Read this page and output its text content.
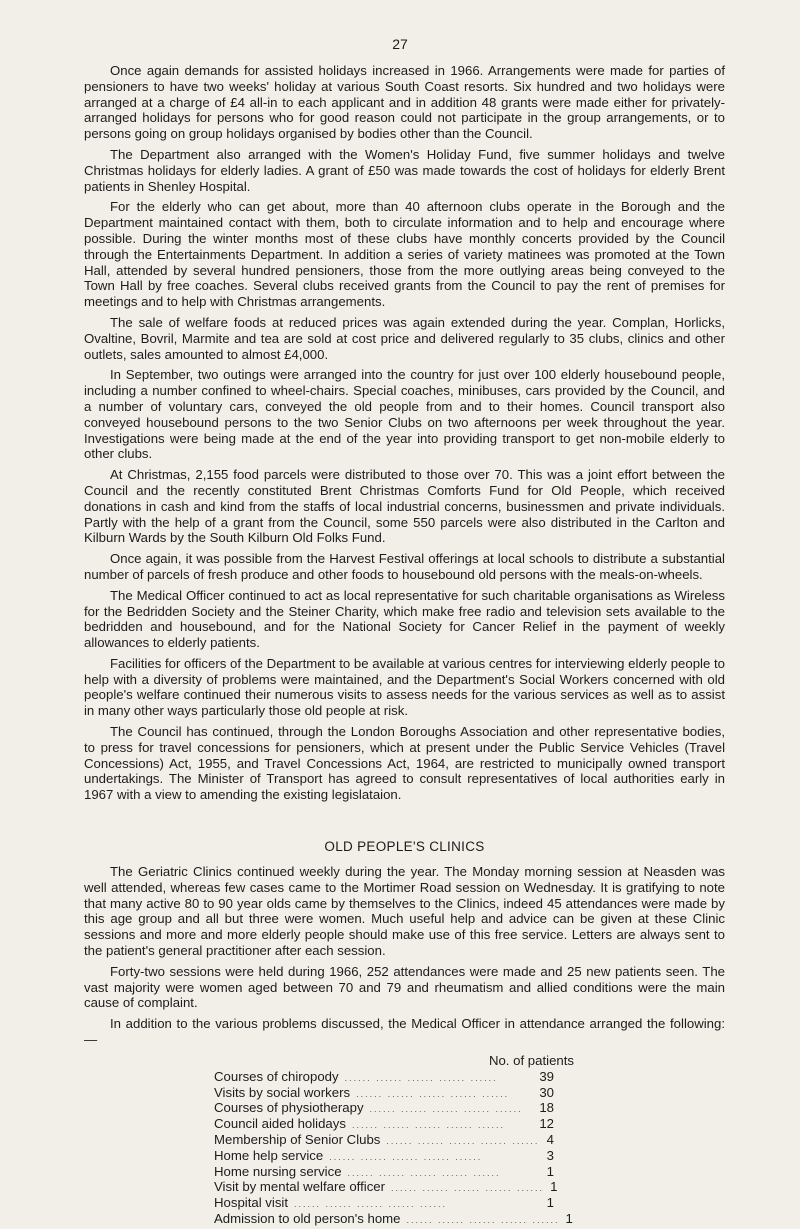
27

Once again demands for assisted holidays increased in 1966. Arrangements were made for parties of pensioners to have two weeks' holiday at various South Coast resorts. Six hundred and two holidays were arranged at a charge of £4 all-in to each applicant and in addition 48 grants were made either for privately-arranged holidays for persons who for good reason could not participate in the group arrangements, or to persons going on group holidays organised by bodies other than the Council.

The Department also arranged with the Women's Holiday Fund, five summer holidays and twelve Christmas holidays for elderly ladies. A grant of £50 was made towards the cost of holidays for elderly Brent patients in Shenley Hospital.

For the elderly who can get about, more than 40 afternoon clubs operate in the Borough and the Department maintained contact with them, both to circulate information and to help and encourage where possible. During the winter months most of these clubs have monthly concerts provided by the Council through the Entertainments Department. In addition a series of variety matinees was promoted at the Town Hall, attended by several hundred pensioners, those from the more outlying areas being conveyed to the Town Hall by free coaches. Several clubs received grants from the Council to pay the rent of premises for meetings and to help with Christmas arrangements.

The sale of welfare foods at reduced prices was again extended during the year. Complan, Horlicks, Ovaltine, Bovril, Marmite and tea are sold at cost price and delivered regularly to 35 clubs, clinics and other outlets, sales amounted to almost £4,000.

In September, two outings were arranged into the country for just over 100 elderly housebound people, including a number confined to wheel-chairs. Special coaches, minibuses, cars provided by the Council, and a number of voluntary cars, conveyed the old people from and to their homes. Council transport also conveyed housebound persons to the two Senior Clubs on two afternoons per week throughout the year. Investigations were being made at the end of the year into providing transport to get non-mobile elderly to other clubs.

At Christmas, 2,155 food parcels were distributed to those over 70. This was a joint effort between the Council and the recently constituted Brent Christmas Comforts Fund for Old People, which received donations in cash and kind from the staffs of local industrial concerns, businessmen and private individuals. Partly with the help of a grant from the Council, some 550 parcels were also distributed in the Carlton and Kilburn Wards by the South Kilburn Old Folks Fund.

Once again, it was possible from the Harvest Festival offerings at local schools to distribute a substantial number of parcels of fresh produce and other foods to housebound old persons with the meals-on-wheels.

The Medical Officer continued to act as local representative for such charitable organisations as Wireless for the Bedridden Society and the Steiner Charity, which make free radio and television sets available to the bedridden and housebound, and for the National Society for Cancer Relief in the payment of weekly allowances to elderly patients.

Facilities for officers of the Department to be available at various centres for interviewing elderly people to help with a diversity of problems were maintained, and the Department's Social Workers concerned with old people's welfare continued their numerous visits to assess needs for the various services as well as to assist in many other ways particularly those old people at risk.

The Council has continued, through the London Boroughs Association and other representative bodies, to press for travel concessions for pensioners, which at present under the Public Service Vehicles (Travel Concessions) Act, 1955, and Travel Concessions Act, 1964, are restricted to municipally owned transport undertakings. The Minister of Transport has agreed to consult representatives of local authorities early in 1967 with a view to amending the existing legislataion.

OLD PEOPLE'S CLINICS

The Geriatric Clinics continued weekly during the year. The Monday morning session at Neasden was well attended, whereas few cases came to the Mortimer Road session on Wednesday. It is gratifying to note that many active 80 to 90 year olds came by themselves to the Clinics, indeed 45 attendances were made by this age group and all but three were women. Much useful help and advice can be given at these Clinic sessions and more and more elderly people should make use of this free service. Letters are always sent to the patient's general practitioner after each session.

Forty-two sessions were held during 1966, 252 attendances were made and 25 new patients seen. The vast majority were women aged between 70 and 79 and rheumatism and allied conditions were the main cause of complaint.

In addition to the various problems discussed, the Medical Officer in attendance arranged the following: —

No. of patients
Courses of chiropody ...... ...... ...... ...... ......	39
Visits by social workers ...... ...... ...... ...... ......	30
Courses of physiotherapy ...... ...... ...... ...... ......	18
Council aided holidays ...... ...... ...... ...... ......	12
Membership of Senior Clubs ...... ...... ...... ...... ...... 4
Home help service ...... ...... ...... ...... ......	3
Home nursing service ...... ...... ...... ...... ......	1
Visit by mental welfare officer ...... ...... ...... ...... ...... 1
Hospital visit ...... ...... ...... ...... ......	1
Admission to old person's home ...... ...... ...... ...... ...... 1
